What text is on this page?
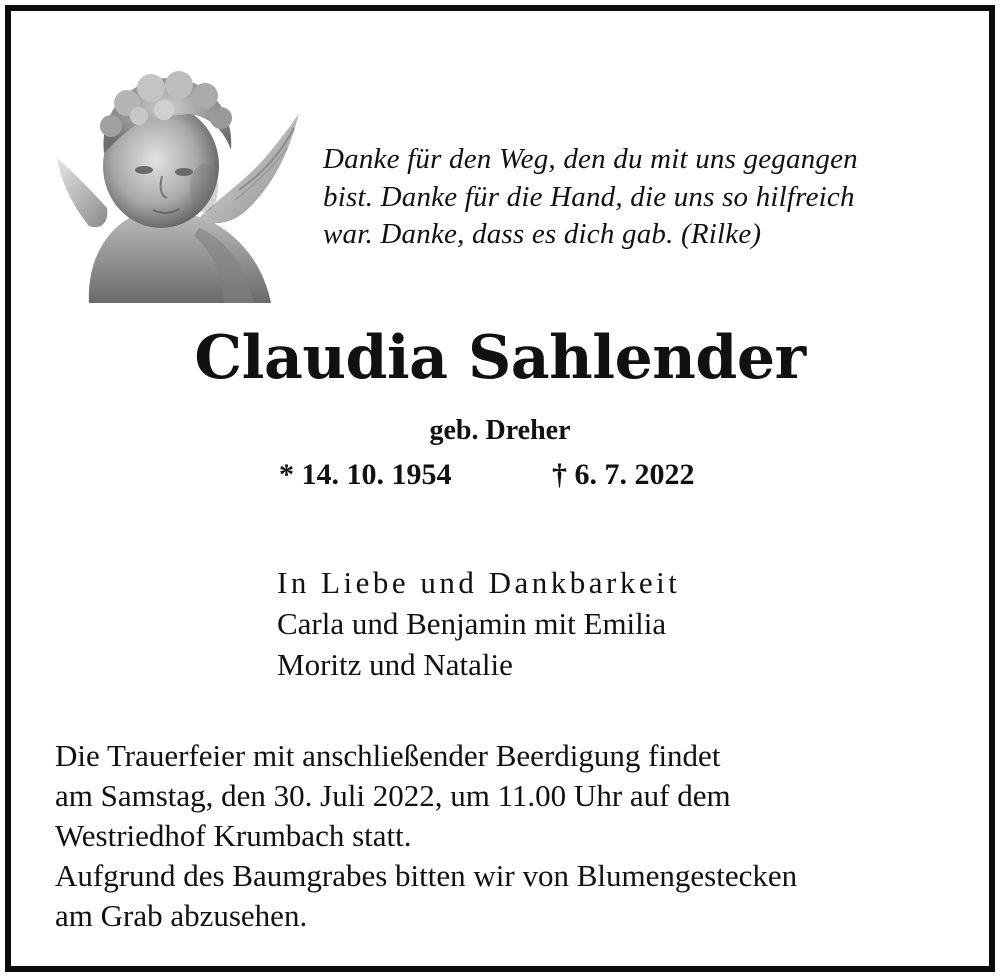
Danke für den Weg, den du mit uns gegangen
bist. Danke für die Hand, die uns so hilfreich
war. Danke, dass es dich gab. (Rilke)
Claudia Sahlender
geb. Dreher
* 14. 10. 1954	† 6. 7. 2022
In Liebe und Dankbarkeit
Carla und Benjamin mit Emilia
Moritz und Natalie
Die Trauerfeier mit anschließender Beerdigung findet
am Samstag, den 30. Juli 2022, um 11.00 Uhr auf dem
Westriedhof Krumbach statt.
Aufgrund des Baumgrabes bitten wir von Blumengestecken
am Grab abzusehen.
